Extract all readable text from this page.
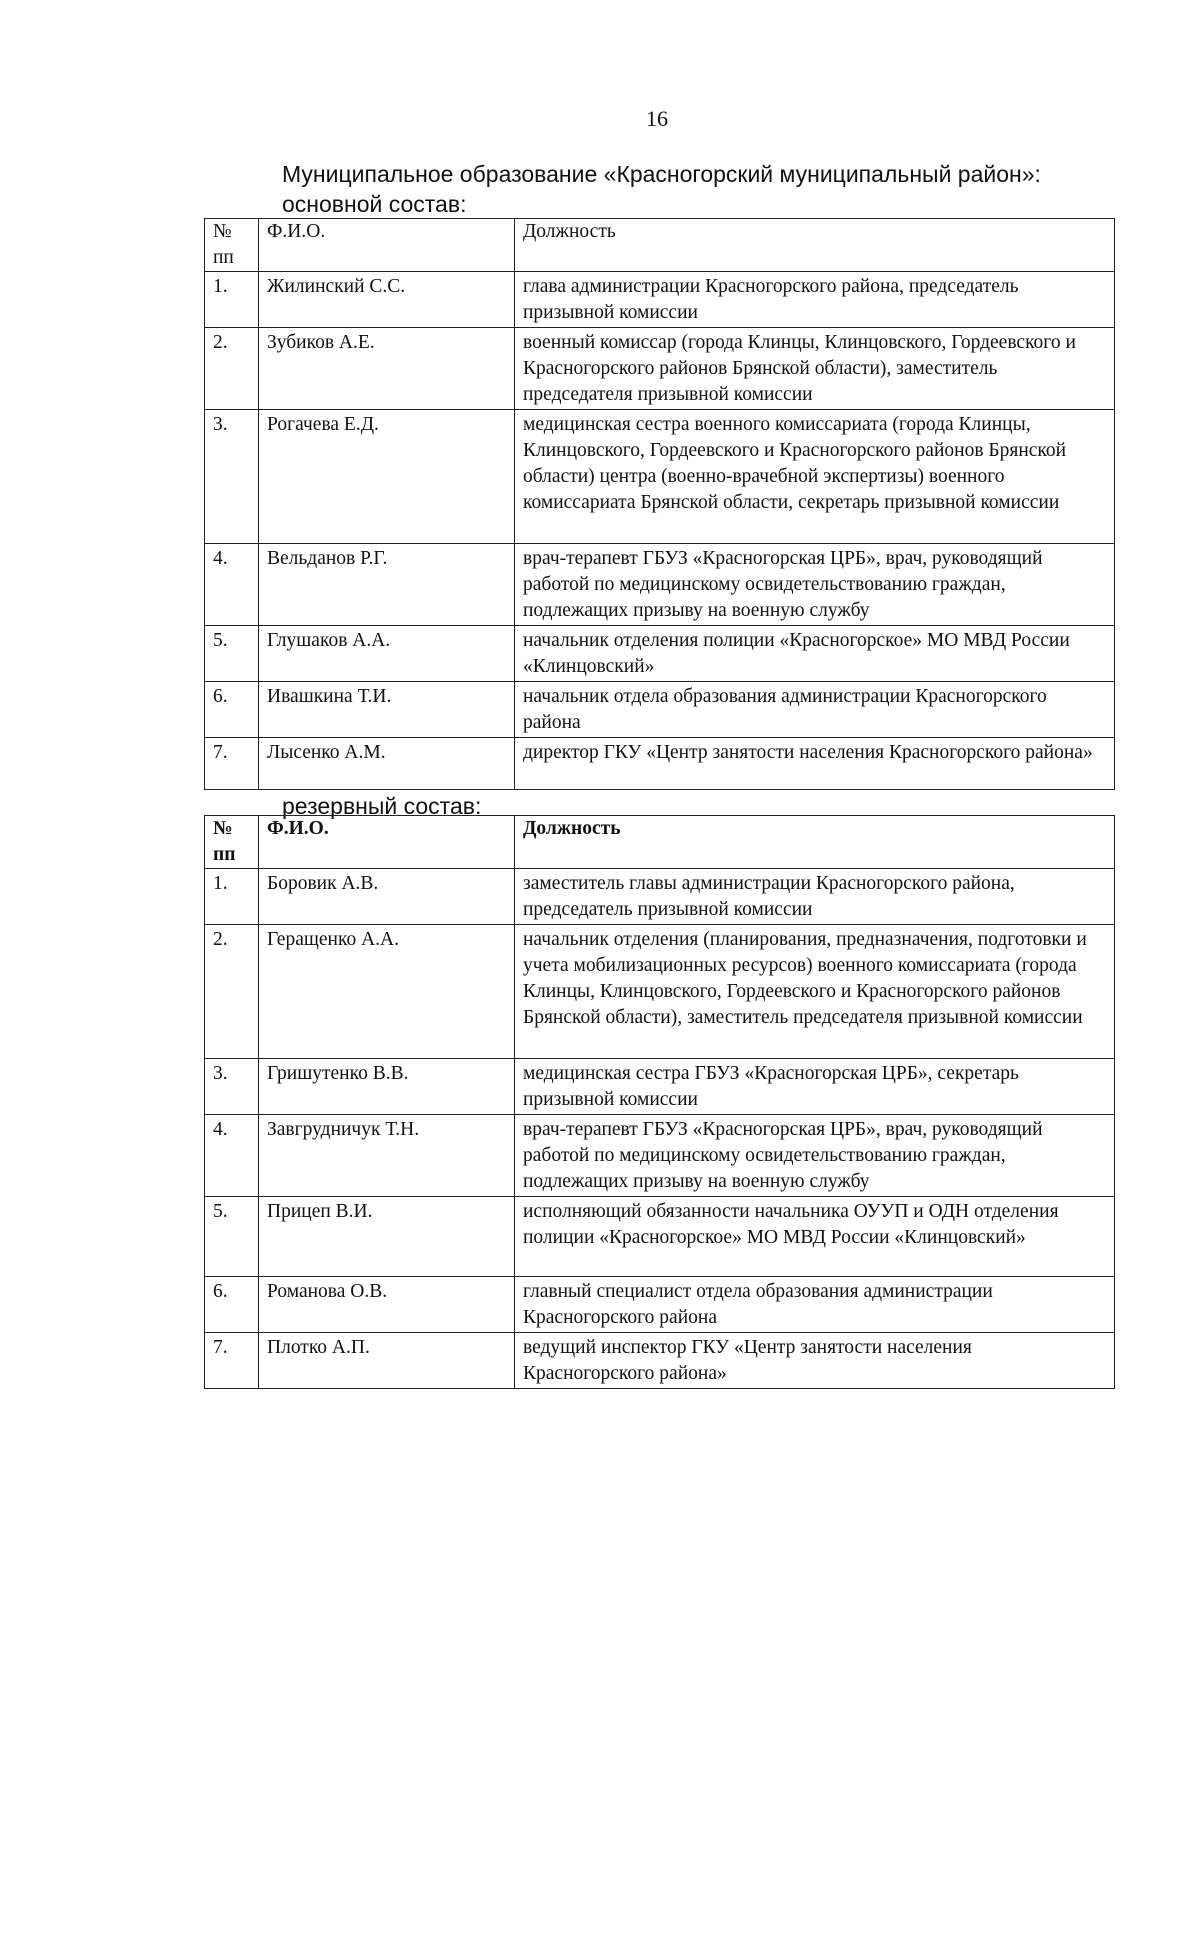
16
Муниципальное образование «Красногорский муниципальный район»:
основной состав:
№ пп	Ф.И.О.	Должность
1.	Жилинский С.С.	глава администрации Красногорского района, председатель призывной комиссии
2.	Зубиков А.Е.	военный комиссар (города Клинцы, Клинцовского, Гордеевского и Красногорского районов Брянской области), заместитель председателя призывной комиссии
3.	Рогачева Е.Д.	медицинская сестра военного комиссариата (города Клинцы, Клинцовского, Гордеевского и Красногорского районов Брянской области) центра (военно-врачебной экспертизы) военного комиссариата Брянской области, секретарь призывной комиссии
4.	Вельданов Р.Г.	врач-терапевт ГБУЗ «Красногорская ЦРБ», врач, руководящий работой по медицинскому освидетельствованию граждан, подлежащих призыву на военную службу
5.	Глушаков А.А.	начальник отделения полиции «Красногорское» МО МВД России «Клинцовский»
6.	Ивашкина Т.И.	начальник отдела образования администрации Красногорского района
7.	Лысенко А.М.	директор ГКУ «Центр занятости населения Красногорского района»
резервный состав:
№ пп	Ф.И.О.	Должность
1.	Боровик А.В.	заместитель главы администрации Красногорского района, председатель призывной комиссии
2.	Геращенко А.А.	начальник отделения (планирования, предназначения, подготовки и учета мобилизационных ресурсов) военного комиссариата (города Клинцы, Клинцовского, Гордеевского и Красногорского районов Брянской области), заместитель председателя призывной комиссии
3.	Гришутенко В.В.	медицинская сестра ГБУЗ «Красногорская ЦРБ», секретарь призывной комиссии
4.	Завгрудничук Т.Н.	врач-терапевт ГБУЗ «Красногорская ЦРБ», врач, руководящий работой по медицинскому освидетельствованию граждан, подлежащих призыву на военную службу
5.	Прицеп В.И.	исполняющий обязанности начальника ОУУП и ОДН отделения полиции «Красногорское» МО МВД России «Клинцовский»
6.	Романова О.В.	главный специалист отдела образования администрации Красногорского района
7.	Плотко А.П.	ведущий инспектор ГКУ «Центр занятости населения Красногорского района»
